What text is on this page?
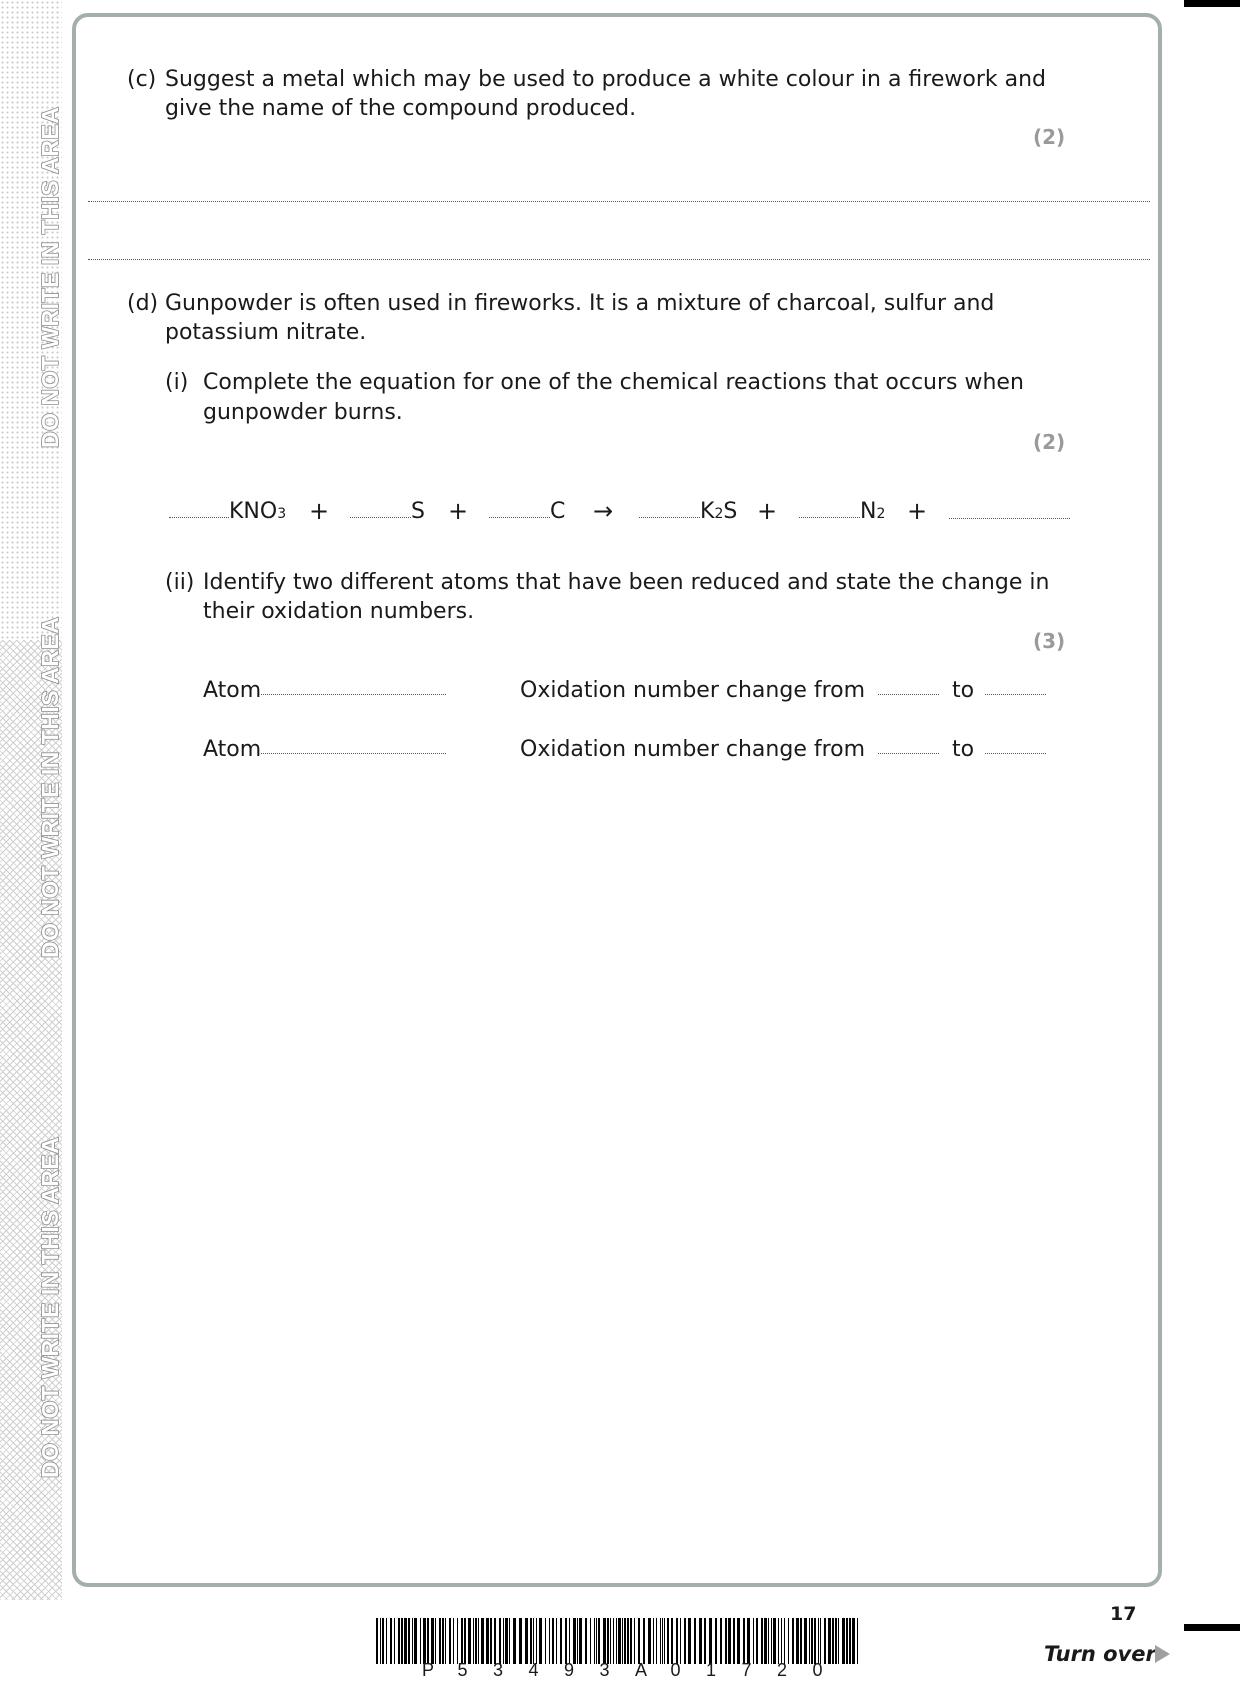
DO NOT WRITE IN THIS AREA
DO NOT WRITE IN THIS AREA
DO NOT WRITE IN THIS AREA
(c) Suggest a metal which may be used to produce a white colour in a firework and
give the name of the compound produced.
(2)
(d) Gunpowder is often used in fireworks. It is a mixture of charcoal, sulfur and
potassium nitrate.
(i) Complete the equation for one of the chemical reactions that occurs when
gunpowder burns.
(2)
KNO 3 +	S +	C →	K 2 S +	N 2 +
(ii) Identify two different atoms that have been reduced and state the change in
their oxidation numbers.
(3)
Atom	Oxidation number change from	to
Atom	Oxidation number change from	to
17
Turn over
P 5 3 4 9 3 A 0 1 7 2 0
